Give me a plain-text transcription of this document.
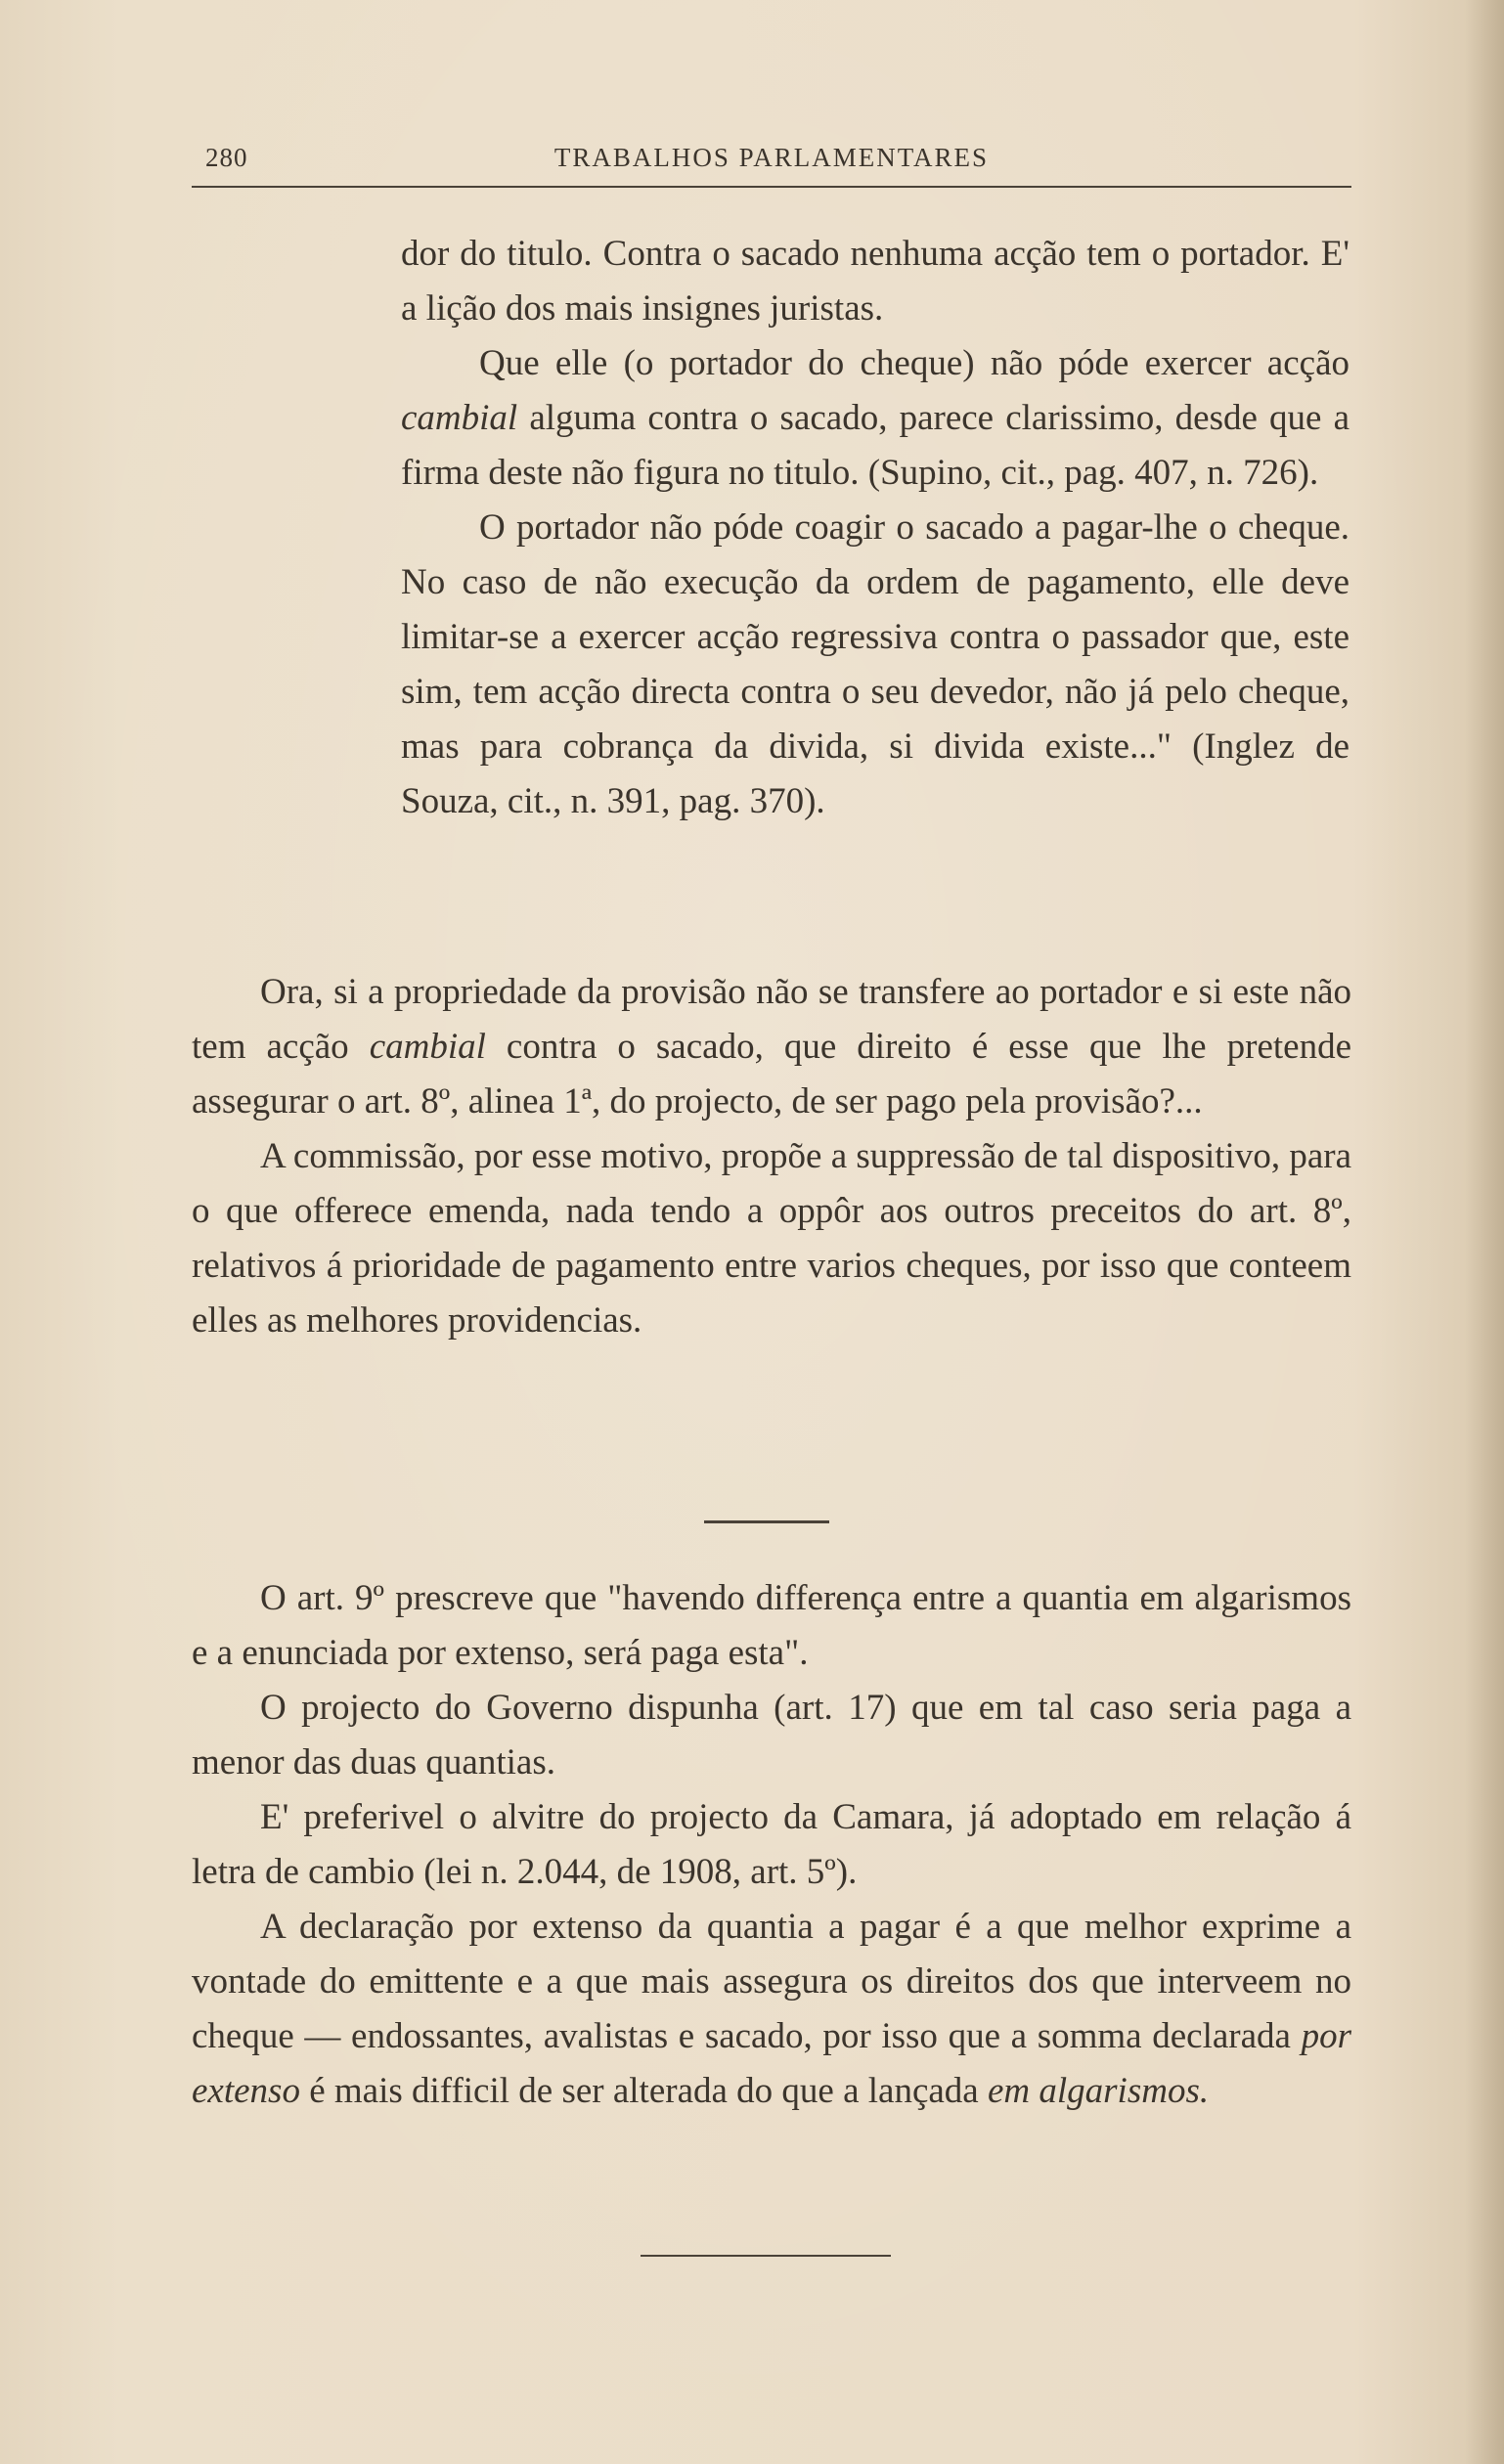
280	TRABALHOS PARLAMENTARES

dor do titulo. Contra o sacado nenhuma acção tem o portador. E' a lição dos mais insignes juristas.

Que elle (o portador do cheque) não póde exercer acção cambial alguma contra o sacado, parece clarissimo, desde que a firma deste não figura no titulo. (Supino, cit., pag. 407, n. 726).

O portador não póde coagir o sacado a pagar-lhe o cheque. No caso de não execução da ordem de pagamento, elle deve limitar-se a exercer acção regressiva contra o passador que, este sim, tem acção directa contra o seu devedor, não já pelo cheque, mas para cobrança da divida, si divida existe..." (Inglez de Souza, cit., n. 391, pag. 370).

Ora, si a propriedade da provisão não se transfere ao portador e si este não tem acção cambial contra o sacado, que direito é esse que lhe pretende assegurar o art. 8º, alinea 1ª, do projecto, de ser pago pela provisão?...

A commissão, por esse motivo, propõe a suppressão de tal dispositivo, para o que offerece emenda, nada tendo a oppôr aos outros preceitos do art. 8º, relativos á prioridade de pagamento entre varios cheques, por isso que conteem elles as melhores providencias.

O art. 9º prescreve que "havendo differença entre a quantia em algarismos e a enunciada por extenso, será paga esta".

O projecto do Governo dispunha (art. 17) que em tal caso seria paga a menor das duas quantias.

E' preferivel o alvitre do projecto da Camara, já adoptado em relação á letra de cambio (lei n. 2.044, de 1908, art. 5º).

A declaração por extenso da quantia a pagar é a que melhor exprime a vontade do emittente e a que mais assegura os direitos dos que interveem no cheque — endossantes, avalistas e sacado, por isso que a somma declarada por extenso é mais difficil de ser alterada do que a lançada em algarismos.
